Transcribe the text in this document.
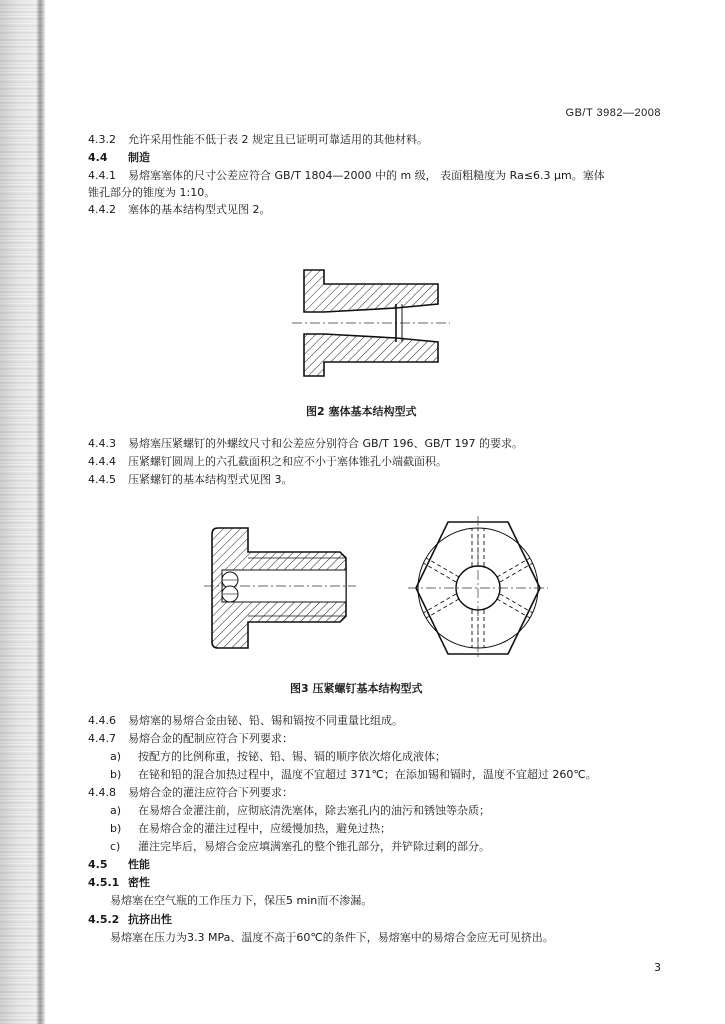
GB/T 3982—2008
4.3.2 允许采用性能不低于表 2 规定且已证明可靠适用的其他材料。
4.4 制造
4.4.1 易熔塞塞体的尺寸公差应符合 GB/T 1804—2000 中的 m 级， 表面粗糙度为 Ra≤6.3 μm。塞体
锥孔部分的锥度为 1:10。
4.4.2 塞体的基本结构型式见图 2。
图2 塞体基本结构型式
4.4.3 易熔塞压紧螺钉的外螺纹尺寸和公差应分别符合 GB/T 196、GB/T 197 的要求。
4.4.4 压紧螺钉圆周上的六孔截面积之和应不小于塞体锥孔小端截面积。
4.4.5 压紧螺钉的基本结构型式见图 3。
图3 压紧螺钉基本结构型式
4.4.6 易熔塞的易熔合金由铋、铅、锡和镉按不同重量比组成。
4.4.7 易熔合金的配制应符合下列要求：
a) 按配方的比例称重，按铋、铅、锡、镉的顺序依次熔化成液体；
b) 在铋和铅的混合加热过程中，温度不宜超过 371℃；在添加锡和镉时，温度不宜超过 260℃。
4.4.8 易熔合金的灌注应符合下列要求：
a) 在易熔合金灌注前，应彻底清洗塞体，除去塞孔内的油污和锈蚀等杂质；
b) 在易熔合金的灌注过程中，应缓慢加热，避免过热；
c) 灌注完毕后，易熔合金应填满塞孔的整个锥孔部分，并铲除过剩的部分。
4.5 性能
4.5.1 密性
易熔塞在空气瓶的工作压力下，保压5 min而不渗漏。
4.5.2 抗挤出性
易熔塞在压力为3.3 MPa、温度不高于60℃的条件下，易熔塞中的易熔合金应无可见挤出。
3
